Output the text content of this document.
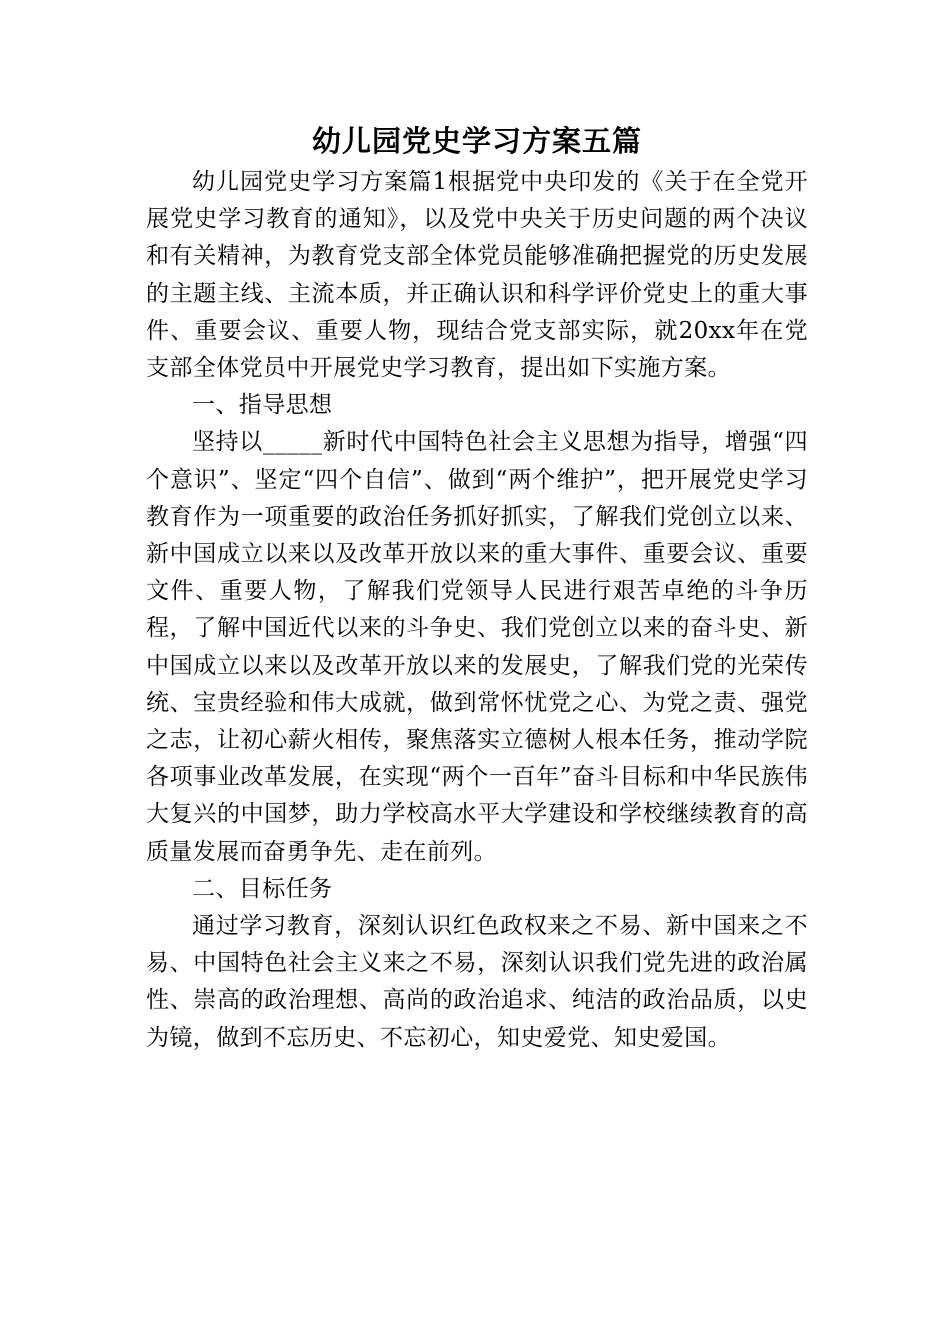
幼儿园党史学习方案五篇

幼儿园党史学习方案篇1根据党中央印发的《关于在全党开展党史学习教育的通知》，以及党中央关于历史问题的两个决议和有关精神，为教育党支部全体党员能够准确把握党的历史发展的主题主线、主流本质，并正确认识和科学评价党史上的重大事件、重要会议、重要人物，现结合党支部实际，就20xx年在党支部全体党员中开展党史学习教育，提出如下实施方案。

一、指导思想

坚持以_____新时代中国特色社会主义思想为指导，增强“四个意识”、坚定“四个自信”、做到“两个维护”，把开展党史学习教育作为一项重要的政治任务抓好抓实，了解我们党创立以来、新中国成立以来以及改革开放以来的重大事件、重要会议、重要文件、重要人物，了解我们党领导人民进行艰苦卓绝的斗争历程，了解中国近代以来的斗争史、我们党创立以来的奋斗史、新中国成立以来以及改革开放以来的发展史，了解我们党的光荣传统、宝贵经验和伟大成就，做到常怀忧党之心、为党之责、强党之志，让初心薪火相传，聚焦落实立德树人根本任务，推动学院各项事业改革发展，在实现“两个一百年”奋斗目标和中华民族伟大复兴的中国梦，助力学校高水平大学建设和学校继续教育的高质量发展而奋勇争先、走在前列。

二、目标任务

通过学习教育，深刻认识红色政权来之不易、新中国来之不易、中国特色社会主义来之不易，深刻认识我们党先进的政治属性、崇高的政治理想、高尚的政治追求、纯洁的政治品质，以史为镜，做到不忘历史、不忘初心，知史爱党、知史爱国。
